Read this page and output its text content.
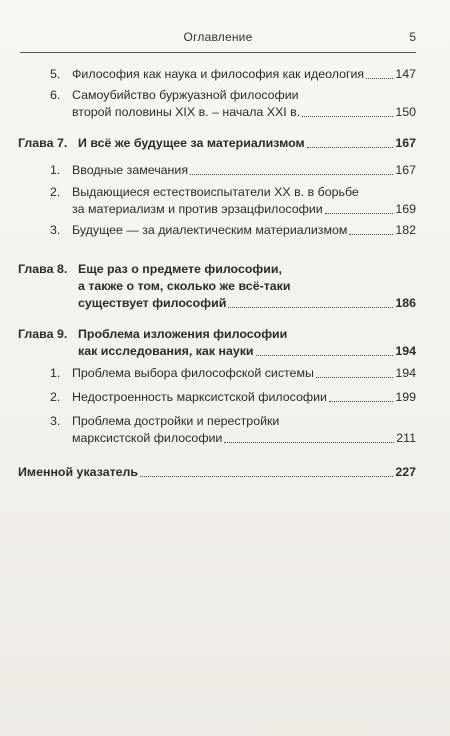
Оглавление	5
5. Философия как наука и философия как идеология	147
6. Самоубийство буржуазной философии
второй половины XIX в. – начала XXI в.	150
Глава 7. И всё же будущее за материализмом	167
1. Вводные замечания	167
2. Выдающиеся естествоиспытатели XX в. в борьбе
за материализм и против эрзацфилософии	169
3. Будущее — за диалектическим материализмом	182
Глава 8. Еще раз о предмете философии,
а также о том, сколько же всё-таки
существует философий	186
Глава 9. Проблема изложения философии
как исследования, как науки	194
1. Проблема выбора философской системы	194
2. Недостроенность марксистской философии	199
3. Проблема достройки и перестройки
марксистской философии	211
Именной указатель	227
